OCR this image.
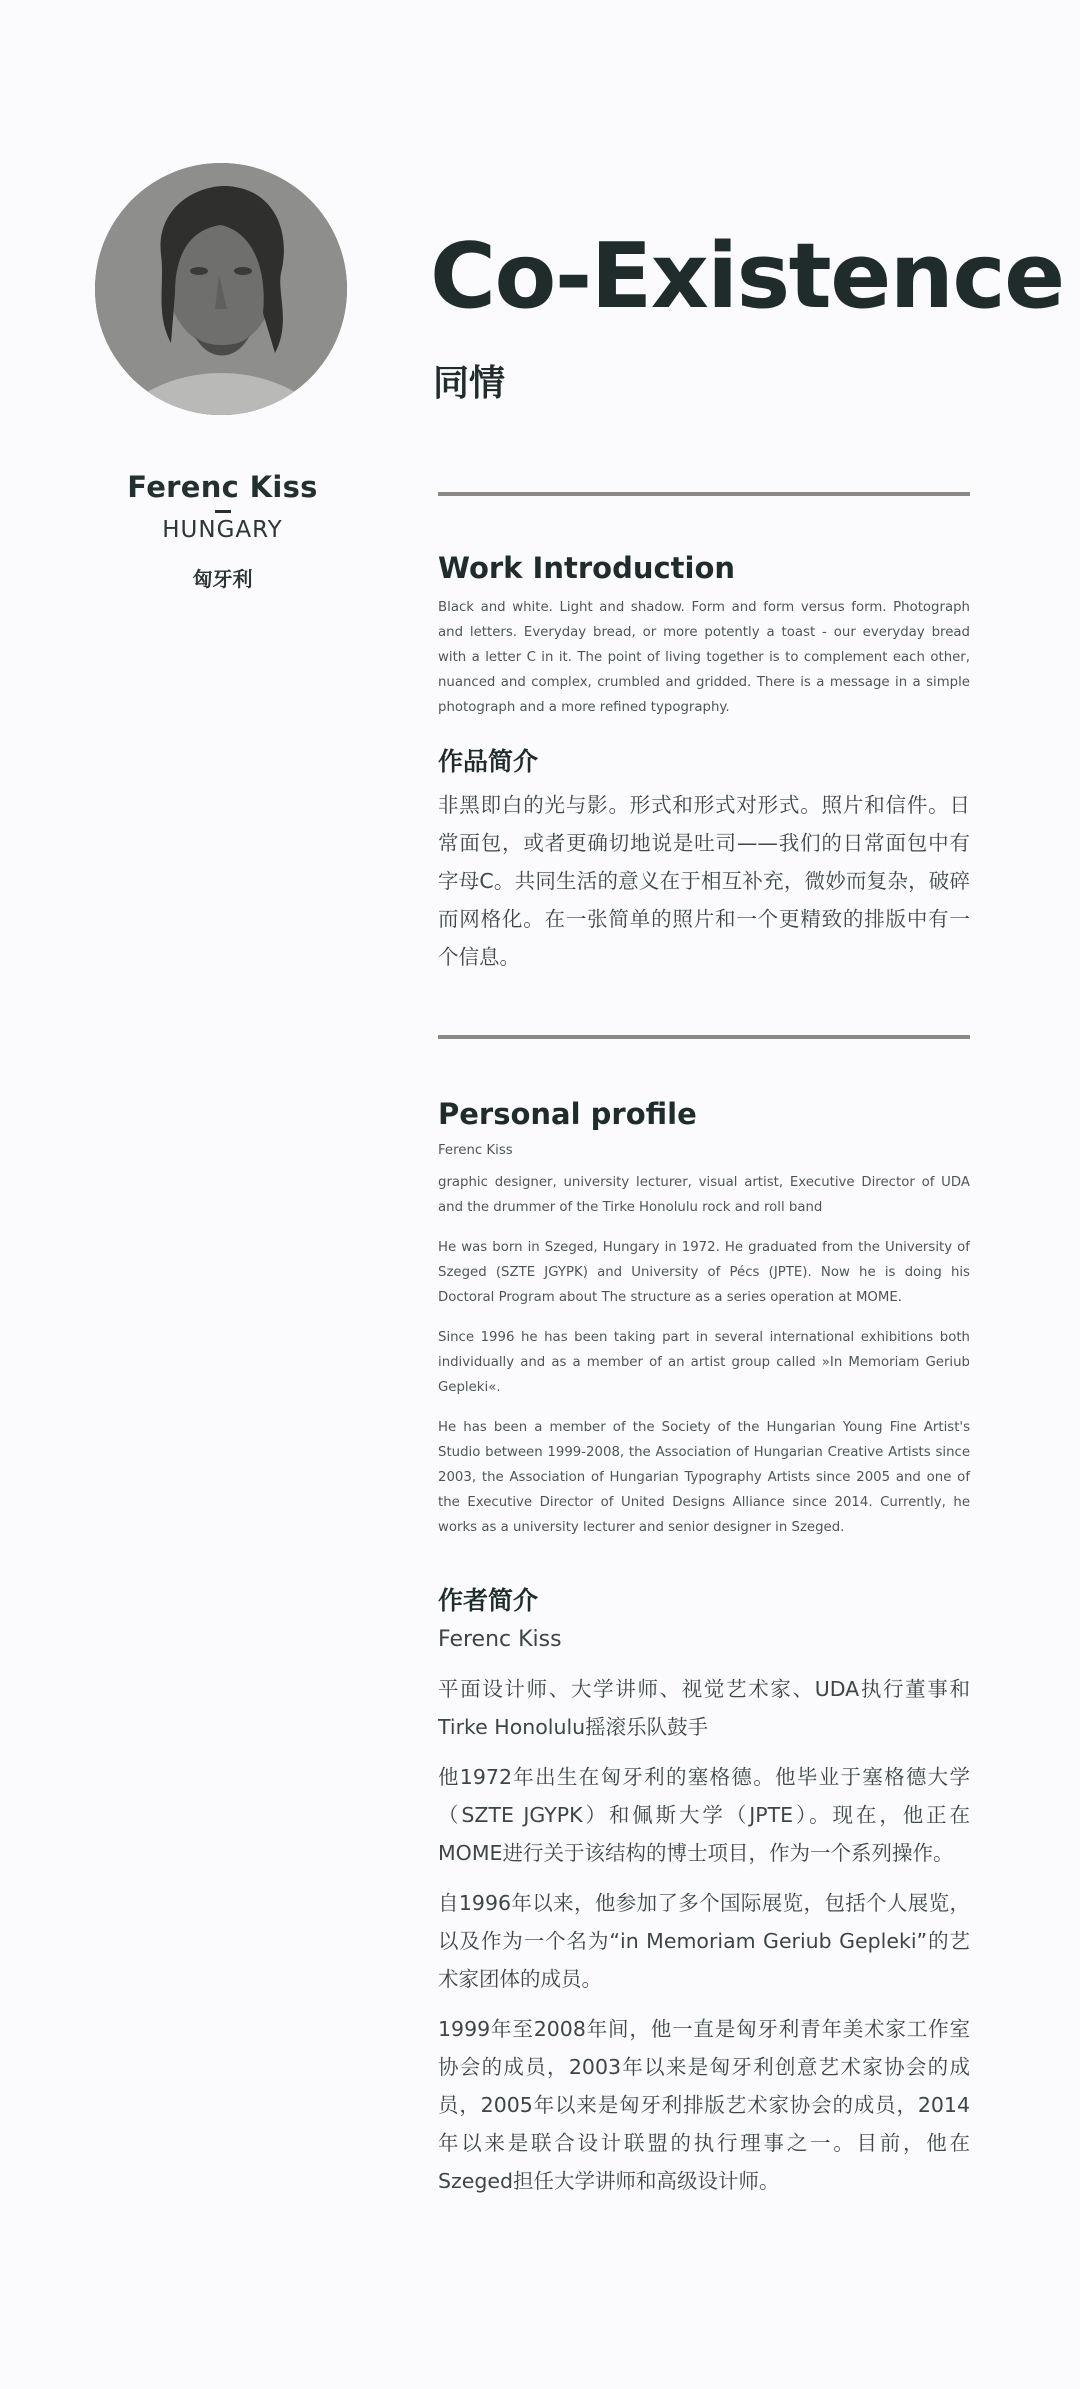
Ferenc Kiss
HUNGARY
匈牙利
Co-Existence
同情
Work Introduction

Black and white. Light and shadow. Form and form versus form. Photograph and letters. Everyday bread, or more potently a toast - our everyday bread with a letter C in it. The point of living together is to complement each other, nuanced and complex, crumbled and gridded. There is a message in a simple photograph and a more refined typography.

作品简介

非黑即白的光与影。形式和形式对形式。照片和信件。日常面包，或者更确切地说是吐司——我们的日常面包中有字母C。共同生活的意义在于相互补充，微妙而复杂，破碎而网格化。在一张简单的照片和一个更精致的排版中有一个信息。

Personal profile

Ferenc Kiss

graphic designer, university lecturer, visual artist, Executive Director of UDA and the drummer of the Tirke Honolulu rock and roll band

He was born in Szeged, Hungary in 1972. He graduated from the University of Szeged (SZTE JGYPK) and University of Pécs (JPTE). Now he is doing his Doctoral Program about The structure as a series operation at MOME.

Since 1996 he has been taking part in several international exhibitions both individually and as a member of an artist group called »In Memoriam Geriub Gepleki«.

He has been a member of the Society of the Hungarian Young Fine Artist's Studio between 1999-2008, the Association of Hungarian Creative Artists since 2003, the Association of Hungarian Typography Artists since 2005 and one of the Executive Director of United Designs Alliance since 2014. Currently, he works as a university lecturer and senior designer in Szeged.

作者简介

Ferenc Kiss

平面设计师、大学讲师、视觉艺术家、UDA执行董事和Tirke Honolulu摇滚乐队鼓手

他1972年出生在匈牙利的塞格德。他毕业于塞格德大学（SZTE JGYPK）和佩斯大学（JPTE）。现在，他正在MOME进行关于该结构的博士项目，作为一个系列操作。

自1996年以来，他参加了多个国际展览，包括个人展览，以及作为一个名为“in Memoriam Geriub Gepleki”的艺术家团体的成员。

1999年至2008年间，他一直是匈牙利青年美术家工作室协会的成员，2003年以来是匈牙利创意艺术家协会的成员，2005年以来是匈牙利排版艺术家协会的成员，2014年以来是联合设计联盟的执行理事之一。目前，他在Szeged担任大学讲师和高级设计师。
